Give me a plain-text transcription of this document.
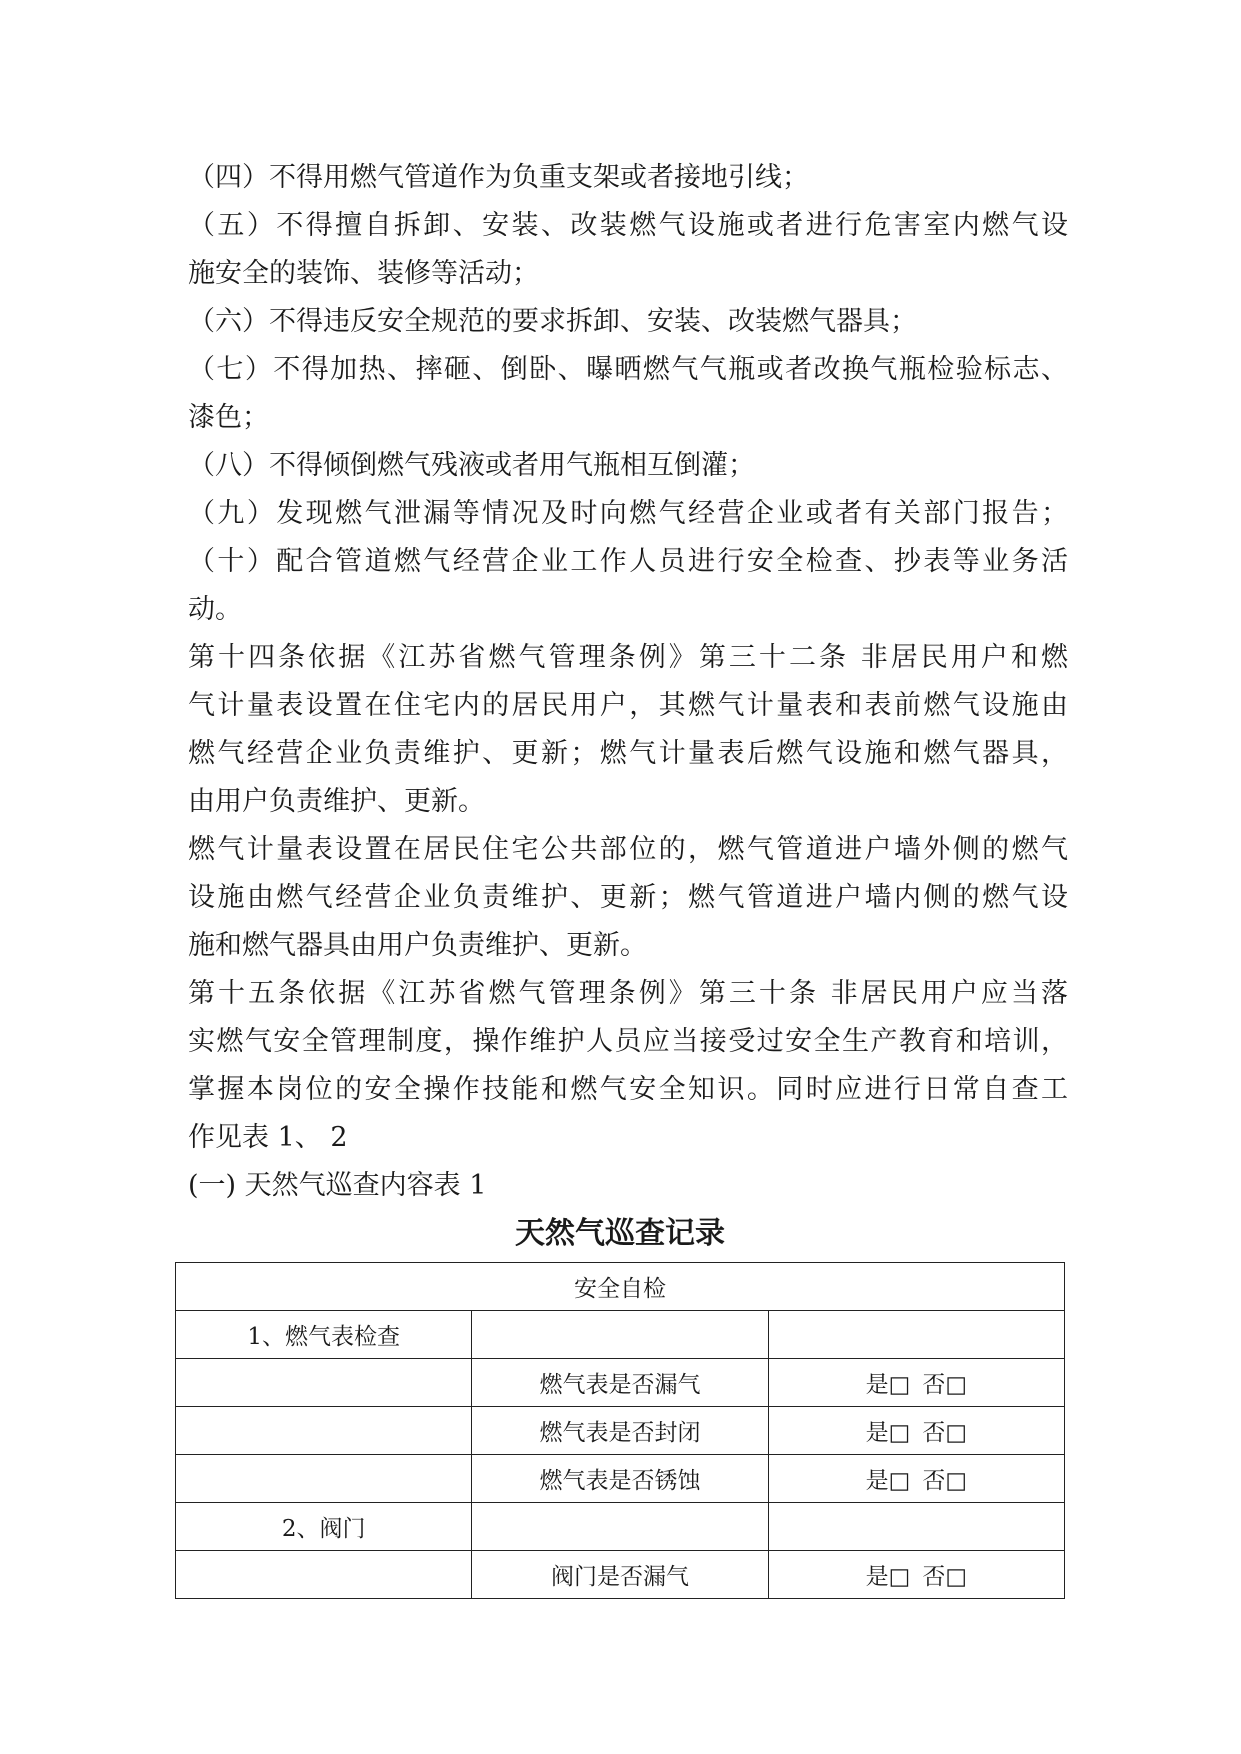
（四）不得用燃气管道作为负重支架或者接地引线；
（五）不得擅自拆卸、安装、改装燃气设施或者进行危害室内燃气设
施安全的装饰、装修等活动；
（六）不得违反安全规范的要求拆卸、安装、改装燃气器具；
（七）不得加热、摔砸、倒卧、曝晒燃气气瓶或者改换气瓶检验标志、
漆色；
（八）不得倾倒燃气残液或者用气瓶相互倒灌；
（九）发现燃气泄漏等情况及时向燃气经营企业或者有关部门报告；
（十）配合管道燃气经营企业工作人员进行安全检查、抄表等业务活
动。
第十四条依据《江苏省燃气管理条例》第三十二条 非居民用户和燃
气计量表设置在住宅内的居民用户，其燃气计量表和表前燃气设施由
燃气经营企业负责维护、更新；燃气计量表后燃气设施和燃气器具，
由用户负责维护、更新。
燃气计量表设置在居民住宅公共部位的，燃气管道进户墙外侧的燃气
设施由燃气经营企业负责维护、更新；燃气管道进户墙内侧的燃气设
施和燃气器具由用户负责维护、更新。
第十五条依据《江苏省燃气管理条例》第三十条 非居民用户应当落
实燃气安全管理制度，操作维护人员应当接受过安全生产教育和培训，
掌握本岗位的安全操作技能和燃气安全知识。同时应进行日常自查工
作见表 1、 2
(一) 天然气巡查内容表 1
天然气巡查记录
安全自检		
1、燃气表检查		
	燃气表是否漏气	是□ 否□
	燃气表是否封闭	是□ 否□
	燃气表是否锈蚀	是□ 否□
2、阀门		
	阀门是否漏气	是□ 否□
